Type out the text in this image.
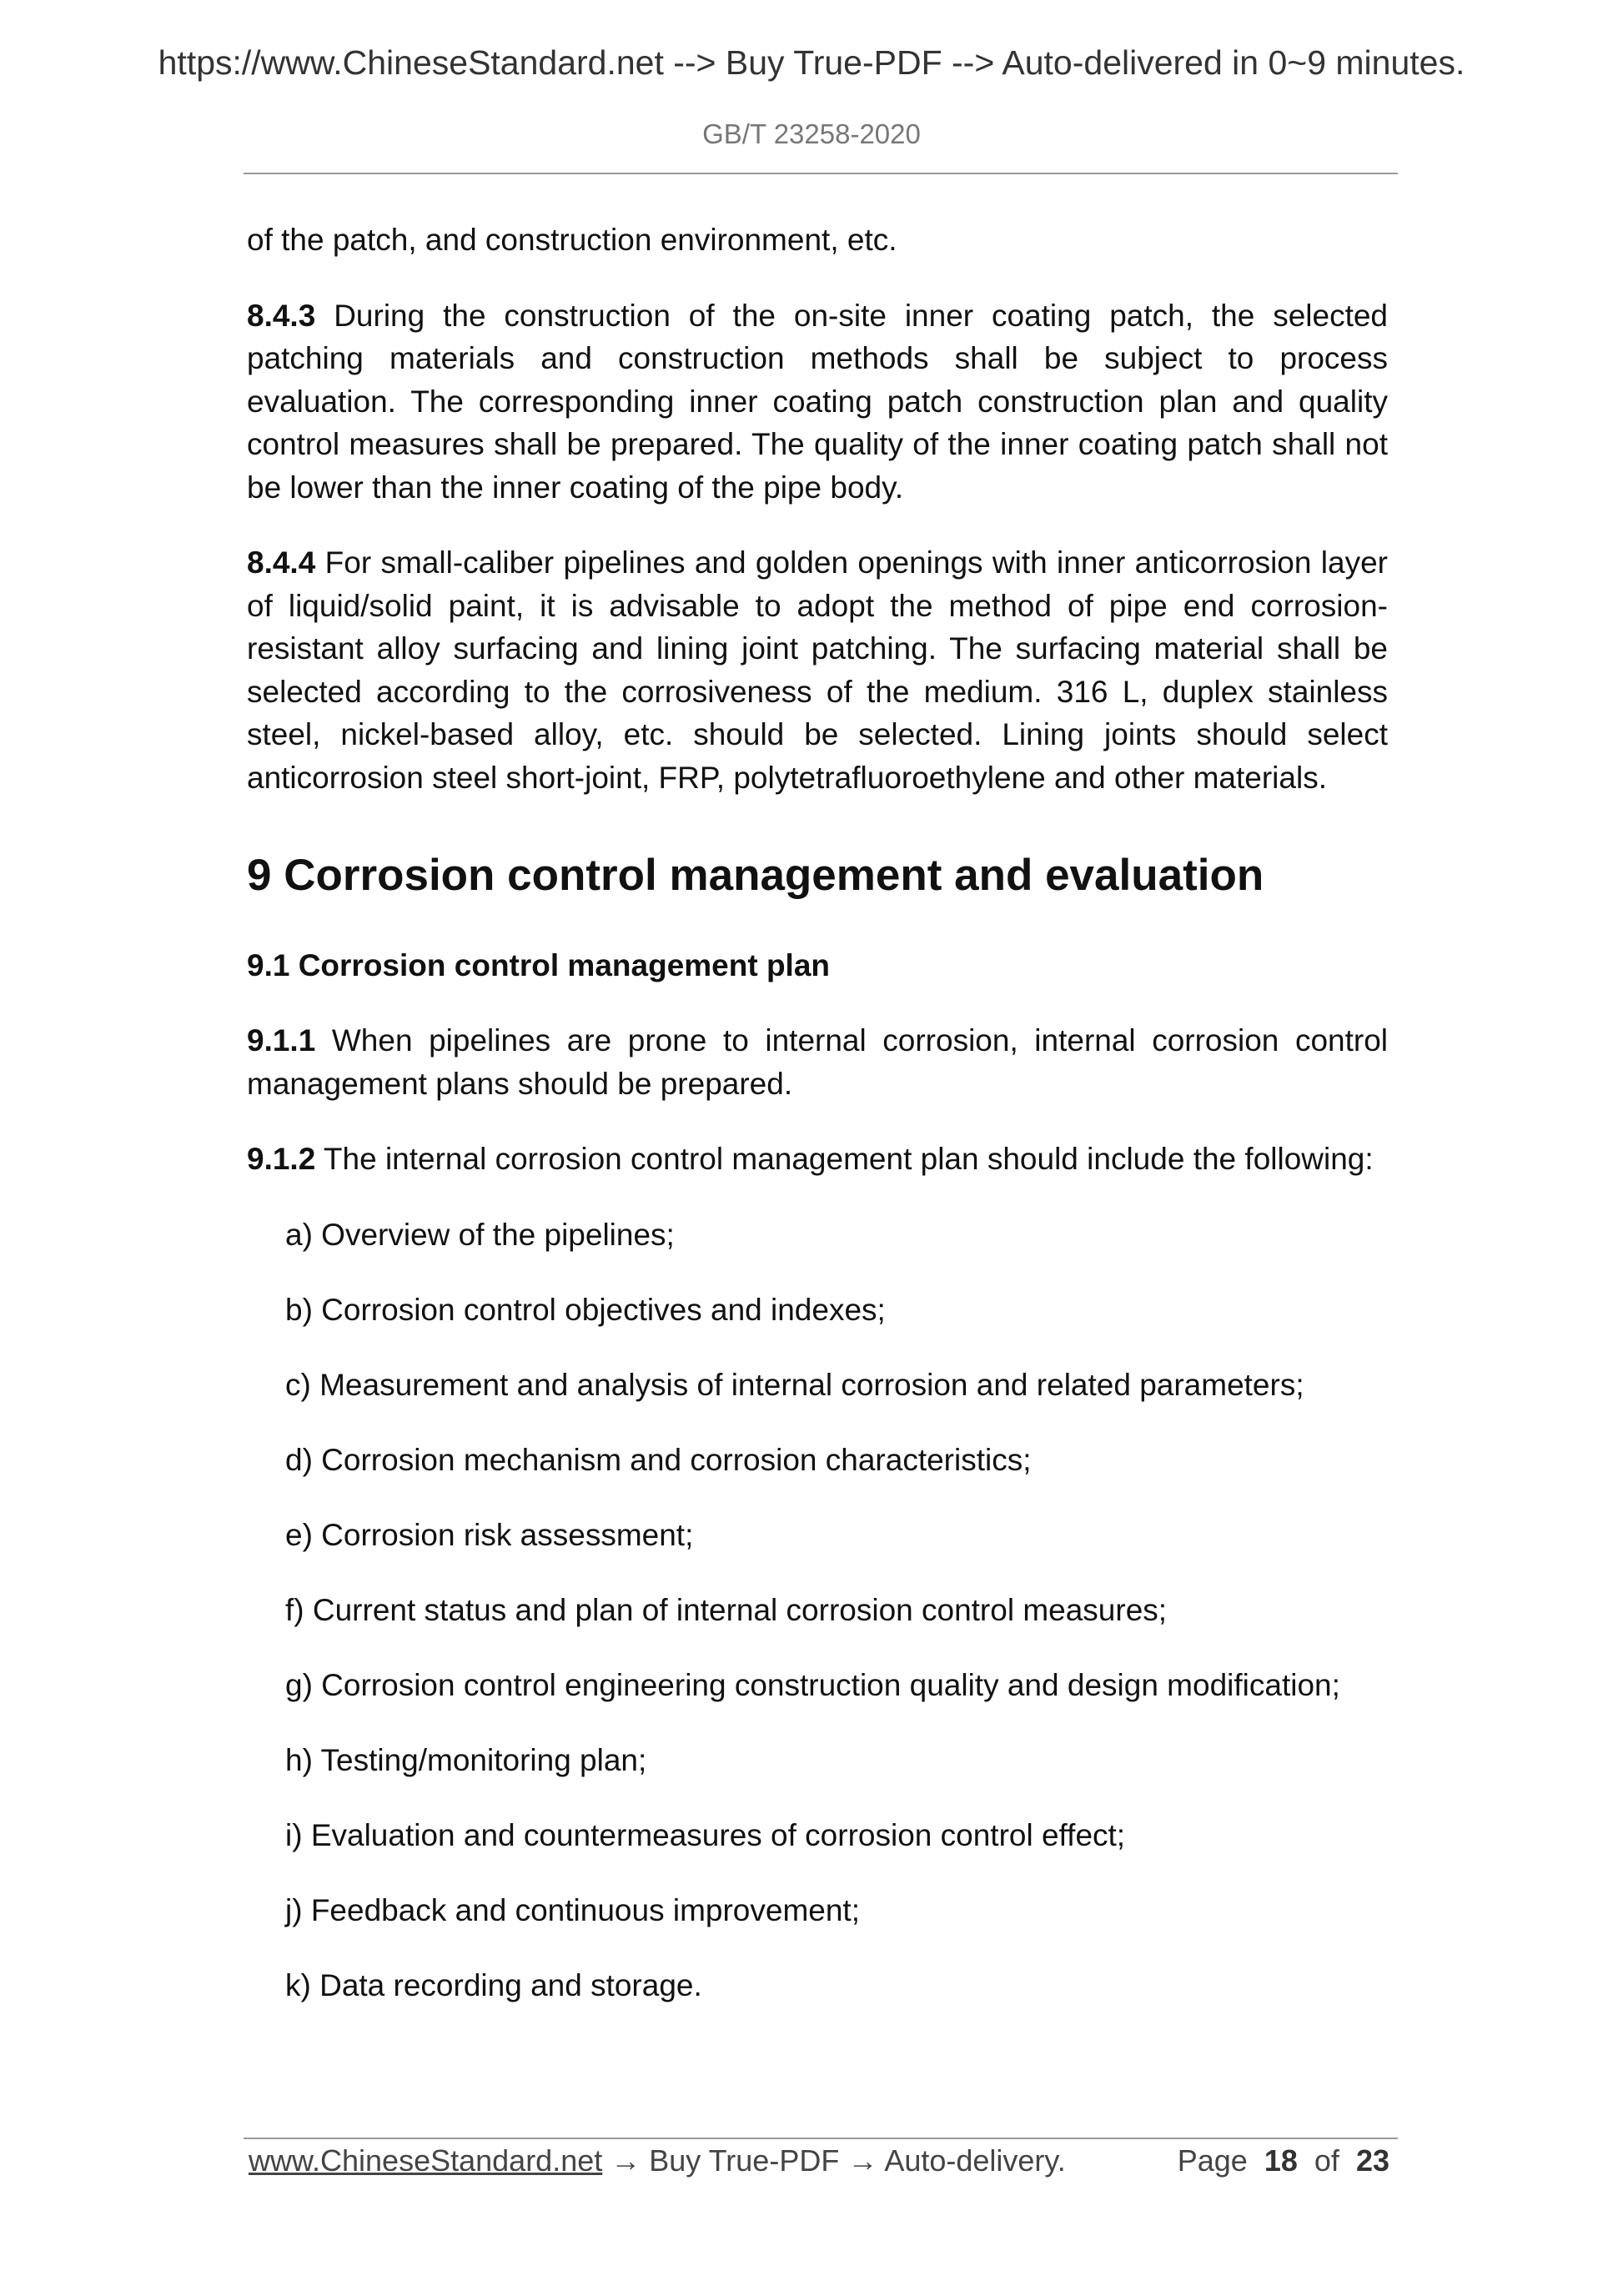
https://www.ChineseStandard.net --> Buy True-PDF --> Auto-delivered in 0~9 minutes.
GB/T 23258-2020

of the patch, and construction environment, etc.

8.4.3 During the construction of the on-site inner coating patch, the selected patching materials and construction methods shall be subject to process evaluation. The corresponding inner coating patch construction plan and quality control measures shall be prepared. The quality of the inner coating patch shall not be lower than the inner coating of the pipe body.

8.4.4 For small-caliber pipelines and golden openings with inner anticorrosion layer of liquid/solid paint, it is advisable to adopt the method of pipe end corrosion-resistant alloy surfacing and lining joint patching. The surfacing material shall be selected according to the corrosiveness of the medium. 316 L, duplex stainless steel, nickel-based alloy, etc. should be selected. Lining joints should select anticorrosion steel short-joint, FRP, polytetrafluoroethylene and other materials.

9 Corrosion control management and evaluation
9.1 Corrosion control management plan

9.1.1 When pipelines are prone to internal corrosion, internal corrosion control management plans should be prepared.

9.1.2 The internal corrosion control management plan should include the following:

a) Overview of the pipelines;
b) Corrosion control objectives and indexes;
c) Measurement and analysis of internal corrosion and related parameters;
d) Corrosion mechanism and corrosion characteristics;
e) Corrosion risk assessment;
f) Current status and plan of internal corrosion control measures;
g) Corrosion control engineering construction quality and design modification;
h) Testing/monitoring plan;
i) Evaluation and countermeasures of corrosion control effect;
j) Feedback and continuous improvement;
k) Data recording and storage.
www.ChineseStandard.net → Buy True-PDF → Auto-delivery.	Page 18 of 23
